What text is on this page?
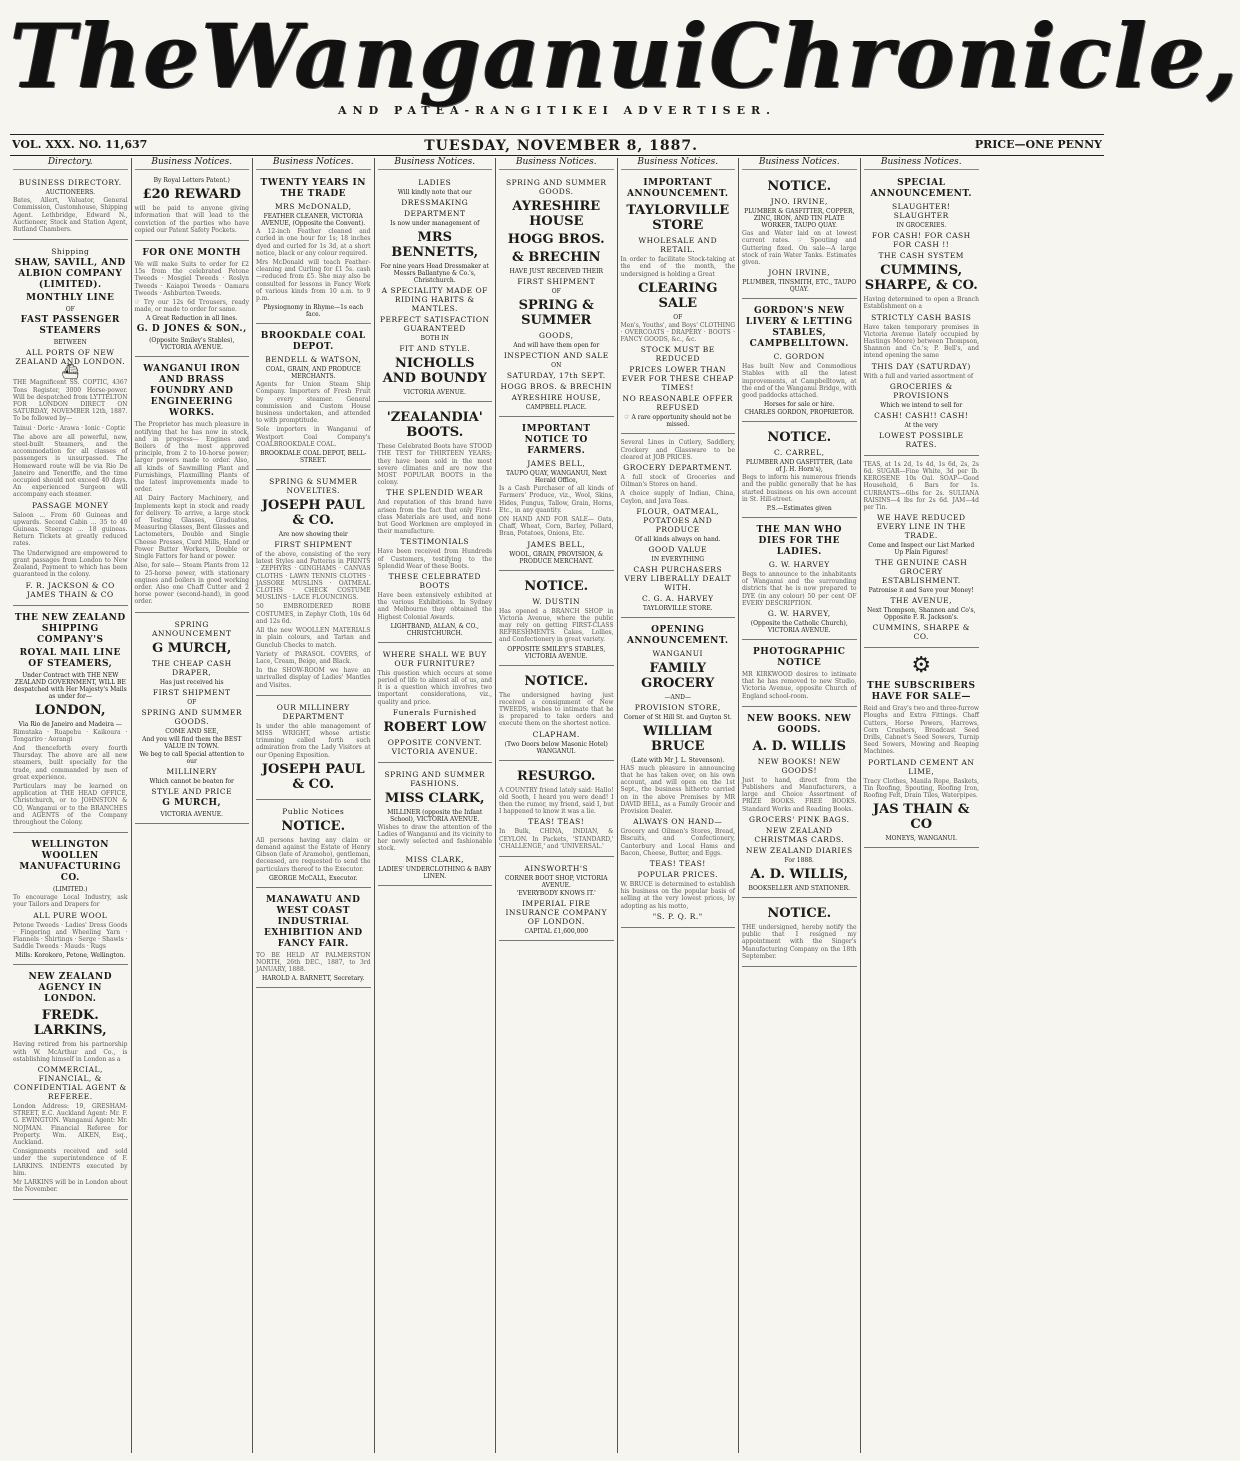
The Wanganui Chronicle,
AND PATEA-RANGITIKEI ADVERTISER.
VOL. XXX. NO. 11,637	TUESDAY, NOVEMBER 8, 1887.	PRICE—ONE PENNY
Directory.
BUSINESS DIRECTORY.
AUCTIONEERS.

Bates, Allert, Valuator, General Commission, Customhouse, Shipping Agent. Lethbridge, Edward N., Auctioneer, Stock and Station Agent, Rutland Chambers.

Shipping
SHAW, SAVILL, AND ALBION COMPANY (LIMITED).
MONTHLY LINE
OF
FAST PASSENGER STEAMERS
BETWEEN
ALL PORTS OF NEW ZEALAND AND LONDON.
⛴

THE Magnificent SS. COPTIC, 4367 Tons Register, 3000 Horse-power. Will be despatched from LYTTELTON FOR LONDON DIRECT ON SATURDAY, NOVEMBER 12th, 1887. To be followed by—

Tainui · Doric · Arawa · Ionic · Coptic

The above are all powerful, new, steel-built Steamers, and the accommodation for all classes of passengers is unsurpassed. The Homeward route will be via Rio De Janeiro and Teneriffe, and the time occupied should not exceed 40 days. An experienced Surgeon will accompany each steamer.

PASSAGE MONEY

Saloon ... From 60 Guineas and upwards. Second Cabin ... 35 to 40 Guineas. Steerage ... 18 guineas. Return Tickets at greatly reduced rates.

The Underwigned are empowered to grant passages from London to New Zealand, Payment to which has been guaranteed in the colony.

F. R. JACKSON & CO JAMES THAIN & CO
THE NEW ZEALAND SHIPPING COMPANY'S
ROYAL MAIL LINE OF STEAMERS,
Under Contract with THE NEW ZEALAND GOVERNMENT, WILL BE despatched with Her Majesty's Mails as under for—
LONDON,
Via Rio de Janeiro and Madeira —

Rimutaka · Ruapehu · Kaikoura · Tongariro · Aorangi

And thenceforth every fourth Thursday. The above are all new steamers, built specially for the trade, and commanded by men of great experience.

Particulars may be learned on application at THE HEAD OFFICE, Christchurch, or to JOHNSTON & CO, Wanganui or to the BRANCHES and AGENTS of the Company throughout the Colony.

WELLINGTON WOOLLEN MANUFACTURING CO.
(LIMITED.)

To encourage Local Industry, ask your Tailors and Drapers for

ALL PURE WOOL

Petone Tweeds · Ladies' Dress Goods · Fingering and Wheeling Yarn · Flannels · Shirtings · Serge · Shawls · Saddle Tweeds · Mauds · Rugs

Mills: Korokoro, Petone, Wellington.
NEW ZEALAND AGENCY IN LONDON.
FREDK. LARKINS,

Having retired from his partnership with W. McArthur and Co., is establishing himself in London as a

COMMERCIAL, FINANCIAL, & CONFIDENTIAL AGENT & REFEREE.

London Address: 19, GRESHAM-STREET, E.C. Auckland Agent: Mr. F. G. EWINGTON. Wanganui Agent: Mr. NOJMAN. Financial Referee for Property. Wm. AIKEN, Esq., Auckland.

Consignments received and sold under the superintendence of F. LARKINS. INDENTS executed by him.

Mr LARKINS will be in London about the November.

Business Notices.
By Royal Letters Patent.)
£20 REWARD

will be paid to anyone giving information that will lead to the conviction of the parties who have copied our Patent Safety Pockets.

FOR ONE MONTH

We will make Suits to order for £2 15s from the celebrated Petone Tweeds · Mosgiel Tweeds · Roslyn Tweeds · Kaiapoi Tweeds · Oamaru Tweeds · Ashburton Tweeds.

☞ Try our 12s 6d Trousers, ready made, or made to order for same.

A Great Reduction in all lines.
G. D JONES & SON.,
(Opposite Smiley's Stables), VICTORIA AVENUE.
WANGANUI IRON AND BRASS FOUNDRY AND ENGINEERING WORKS.

The Proprietor has much pleasure in notifying that he has now in stock, and in progress— Engines and Boilers of the most approved principle, from 2 to 10-horse power; larger powers made to order. Also, all kinds of Sawmilling Plant and Furnishings, Flaxmilling Plants of the latest improvements made to order.

All Dairy Factory Machinery, and Implements kept in stock and ready for delivery. To arrive, a large stock of Testing Glasses, Graduates, Measuring Glasses, Bent Glasses and Lactometers, Double and Single Cheese Presses, Curd Mills, Hand or Power Butter Workers, Double or Single Fattors for hand or power.

Also, for sale— Steam Plants from 12 to 25-horse power, with stationary engines and boilers in good working order. Also one Chaff Cutter and 2 horse power (second-hand), in good order.

SPRING ANNOUNCEMENT
G MURCH,
THE CHEAP CASH DRAPER,
Has just received his
FIRST SHIPMENT
OF
SPRING AND SUMMER GOODS.
COME AND SEE,
And you will find them the BEST VALUE IN TOWN.
We beg to call Special attention to our
MILLINERY
Which cannot be beaten for
STYLE AND PRICE
G MURCH,
VICTORIA AVENUE.
Business Notices.
TWENTY YEARS IN THE TRADE
MRS McDONALD,
FEATHER CLEANER, VICTORIA AVENUE, (Opposite the Convent).

A 12-inch Feather cleaned and curled in one hour for 1s; 18 inches dyed and curled for 1s 3d, at a short notice, black or any colour required.

Mrs McDonald will teach Feather-cleaning and Curling for £1 5s. cash—reduced from £5. She may also be consulted for lessons in Fancy Work of various kinds from 10 a.m. to 9 p.m.

Physiognomy in Rhyme—1s each face.
BROOKDALE COAL DEPOT.
BENDELL & WATSON,
COAL, GRAIN, AND PRODUCE MERCHANTS.

Agents for Union Steam Ship Company. Importers of Fresh Fruit by every steamer. General commission and Custom House business undertaken, and attended to with promptitude.

Sole importers in Wanganui of Westport Coal Company's COALBROOKDALE COAL.

BROOKDALE COAL DEPOT, BELL-STREET.
SPRING & SUMMER NOVELTIES.
JOSEPH PAUL & CO.
Are now showing their
FIRST SHIPMENT

of the above, consisting of the very latest Styles and Patterns in PRINTS · ZEPHYRS · GINGHAMS · CANVAS CLOTHS · LAWN TENNIS CLOTHS · JASSORE MUSLINS · OATMEAL CLOTHS · CHECK COSTUME MUSLINS · LACE FLOUNCINGS.

50 EMBROIDERED ROBE COSTUMES, in Zephyr Cloth, 10s 6d and 12s 6d.

All the new WOOLLEN MATERIALS in plain colours, and Tartan and Gunclub Checks to match.

Variety of PARASOL COVERS, of Lace, Cream, Beige, and Black.

In the SHOW-ROOM we have an unrivalled display of Ladies' Mantles and Visites.

OUR MILLINERY DEPARTMENT

Is under the able management of MISS WRIGHT, whose artistic trimming called forth such admiration from the Lady Visitors at our Opening Exposition.

JOSEPH PAUL & CO.
Public Notices
NOTICE.

All persons having any claim or demand against the Estate of Henry Gibson (late of Aramoho), gentleman, deceased, are requested to send the particulars thereof to the Executor.

GEORGE McCALL, Executor.
MANAWATU AND WEST COAST INDUSTRIAL EXHIBITION AND FANCY FAIR.

TO BE HELD AT PALMERSTON NORTH, 26th DEC., 1887, to 3rd JANUARY, 1888.

HAROLD A. BARNETT, Secretary.
Business Notices.
LADIES
Will kindly note that our
DRESSMAKING
DEPARTMENT
Is now under management of
MRS BENNETTS,
For nine years Head Dressmaker at Messrs Ballantyne & Co.'s, Christchurch.
A SPECIALITY MADE OF RIDING HABITS & MANTLES.
PERFECT SATISFACTION GUARANTEED
BOTH IN
FIT AND STYLE.
NICHOLLS AND BOUNDY
VICTORIA AVENUE.
'ZEALANDIA' BOOTS.

These Celebrated Boots have STOOD THE TEST for THIRTEEN YEARS; they have been sold in the most severe climates and are now the MOST POPULAR BOOTS in the colony.

THE SPLENDID WEAR

And reputation of this brand have arisen from the fact that only First-class Materials are used, and none but Good Workmen are employed in their manufacture.

TESTIMONIALS

Have been received from Hundreds of Customers, testifying to the Splendid Wear of these Boots.

THESE CELEBRATED BOOTS

Have been extensively exhibited at the various Exhibitions. In Sydney and Melbourne they obtained the Highest Colonial Awards.

LIGHTBAND, ALLAN, & CO., CHRISTCHURCH.
WHERE SHALL WE BUY OUR FURNITURE?

This question which occurs at some period of life to almost all of us, and it is a question which involves two important considerations, viz., quality and price.

Funerals Furnished
ROBERT LOW
OPPOSITE CONVENT. VICTORIA AVENUE.
SPRING AND SUMMER FASHIONS.
MISS CLARK,
MILLINER (opposite the Infant School), VICTORIA AVENUE.

Wishes to draw the attention of the Ladies of Wanganui and its vicinity to her newly selected and fashionable stock.

MISS CLARK,
LADIES' UNDERCLOTHING & BABY LINEN.
Business Notices.
SPRING AND SUMMER GOODS.
AYRESHIRE HOUSE
HOGG BROS.
& BRECHIN
HAVE JUST RECEIVED THEIR
FIRST SHIPMENT
OF
SPRING & SUMMER
GOODS,
And will have them open for
INSPECTION AND SALE
ON
SATURDAY, 17th SEPT.
HOGG BROS. & BRECHIN
AYRESHIRE HOUSE,
CAMPBELL PLACE.
IMPORTANT NOTICE TO FARMERS.
JAMES BELL,
TAUPO QUAY, WANGANUI, Next Herald Office,

Is a Cash Purchaser of all kinds of Farmers' Produce, viz., Wool, Skins, Hides, Fungus, Tallow, Grain, Horns, Etc., in any quantity.

ON HAND AND FOR SALE— Oats, Chaff, Wheat, Corn, Barley, Pollard, Bran, Potatoes, Onions, Etc.

JAMES BELL,
WOOL, GRAIN, PROVISION, & PRODUCE MERCHANT.
NOTICE.
W. DUSTIN

Has opened a BRANCH SHOP in Victoria Avenue, where the public may rely on getting FIRST-CLASS REFRESHMENTS. Cakes, Lollies, and Confectionery in great variety.

OPPOSITE SMILEY'S STABLES, VICTORIA AVENUE.
NOTICE.

The undersigned having just received a consignment of New TWEEDS, wishes to intimate that he is prepared to take orders and execute them on the shortest notice.

CLAPHAM.
(Two Doors below Masonic Hotel) WANGANUI.
RESURGO.

A COUNTRY friend lately said: Hallo! old Sooth, I heard you were dead! I then the rumor, my friend, said I, but I happened to know it was a lie.

TEAS! TEAS!

In Bulk, CHINA, INDIAN, & CEYLON. In Packets, 'STANDARD,' 'CHALLENGE,' and 'UNIVERSAL.'

AINSWORTH'S
CORNER BOOT SHOP, VICTORIA AVENUE.
'EVERYBODY KNOWS IT.'
IMPERIAL FIRE INSURANCE COMPANY OF LONDON.
CAPITAL £1,600,000
Business Notices.
IMPORTANT ANNOUNCEMENT.
TAYLORVILLE STORE
WHOLESALE AND RETAIL.

In order to facilitate Stock-taking at the end of the month, the undersigned is holding a Great

CLEARING SALE
OF

Men's, Youths', and Boys' CLOTHING · OVERCOATS · DRAPERY · BOOTS · FANCY GOODS, &c., &c.

STOCK MUST BE REDUCED
PRICES LOWER THAN EVER FOR THESE CHEAP TIMES!
NO REASONABLE OFFER REFUSED
☞ A rare opportunity should not be missed.

Several Lines in Cutlery, Saddlery, Crockery and Glassware to be cleared at JOB PRICES.

GROCERY DEPARTMENT.

A full stock of Groceries and Oilman's Stores on hand.

A choice supply of Indian, China, Ceylon, and Java Teas.

FLOUR, OATMEAL, POTATOES AND PRODUCE
Of all kinds always on hand.
GOOD VALUE
IN EVERYTHING
CASH PURCHASERS VERY LIBERALLY DEALT WITH.
C. G. A. HARVEY
TAYLORVILLE STORE.
OPENING ANNOUNCEMENT.
WANGANUI
FAMILY GROCERY
—AND—
PROVISION STORE,
Corner of St Hill St. and Guyton St.
WILLIAM BRUCE
(Late with Mr J. L. Stevenson).

HAS much pleasure in announcing that he has taken over, on his own account, and will open on the 1st Sept., the business hitherto carried on in the above Premises by MR DAVID BELL, as a Family Grocer and Provision Dealer.

ALWAYS ON HAND—

Grocery and Oilmen's Stores, Bread, Biscuits, and Confectionery, Canterbury and Local Hams and Bacon, Cheese, Butter, and Eggs.

TEAS! TEAS!
POPULAR PRICES.

W. BRUCE is determined to establish his business on the popular basis of selling at the very lowest prices, by adopting as his motto,

"S. P. Q. R."
Business Notices.
NOTICE.
JNO. IRVINE,
PLUMBER & GASFITTER, COPPER, ZINC, IRON, AND TIN PLATE WORKER, TAUPO QUAY.

Gas and Water laid on at lowest current rates. ☞ Spouting and Guttering fixed. On sale—A large stock of rain Water Tanks. Estimates given.

JOHN IRVINE,
PLUMBER, TINSMITH, ETC., TAUPO QUAY.
GORDON'S NEW LIVERY & LETTING STABLES, CAMPBELLTOWN.
C. GORDON

Has built New and Commodious Stables with all the latest improvements, at Campbelltown, at the end of the Wanganui Bridge, with good paddocks attached.

Horses for sale or hire.
CHARLES GORDON, PROPRIETOR.
NOTICE.
C. CARREL,
PLUMBER AND GASFITTER, (Late of J. H. Horn's),

Begs to inform his numerous friends and the public generally that he has started business on his own account in St. Hill-street.

P.S.—Estimates given
THE MAN WHO DIES FOR THE LADIES.
G. W. HARVEY

Begs to announce to the inhabitants of Wanganui and the surrounding districts that he is now prepared to DYE (in any colour) 50 per cent OF EVERY DESCRIPTION.

G. W. HARVEY,
(Opposite the Catholic Church), VICTORIA AVENUE.
PHOTOGRAPHIC NOTICE

MR KIRKWOOD desires to intimate that he has removed to new Studio, Victoria Avenue, opposite Church of England school-room.

NEW BOOKS. NEW GOODS.
A. D. WILLIS
NEW BOOKS! NEW GOODS!

Just to hand, direct from the Publishers and Manufacturers, a large and Choice Assortment of PRIZE BOOKS. FREE BOOKS. Standard Works and Reading Books.

GROCERS' PINK BAGS.
NEW ZEALAND CHRISTMAS CARDS.
NEW ZEALAND DIARIES
For 1888.
A. D. WILLIS,
BOOKSELLER AND STATIONER.
NOTICE.

THE undersigned, hereby notify the public that I resigned my appointment with the Singer's Manufacturing Company on the 18th September.

Business Notices.
SPECIAL ANNOUNCEMENT.
SLAUGHTER! SLAUGHTER
IN GROCERIES.
FOR CASH! FOR CASH FOR CASH !!
THE CASH SYSTEM
CUMMINS, SHARPE, & CO.

Having determined to open a Branch Establishment on a

STRICTLY CASH BASIS

Have taken temporary premises in Victoria Avenue (lately occupied by Hastings Moore) between Thompson, Shannon and Co.'s; P. Bell's, and intend opening the same

THIS DAY (SATURDAY)

With a full and varied assortment of

GROCERIES & PROVISIONS
Which we intend to sell for
CASH! CASH!! CASH!
At the very
LOWEST POSSIBLE RATES.

TEAS, at 1s 2d, 1s 4d, 1s 6d, 2s, 2s 6d. SUGAR—Fine White, 3d per lb. KEROSENE 10s Oal. SOAP—Good Household, 6 Bars for 1s. CURRANTS—6lbs for 2s. SULTANA RAISINS—4 lbs for 2s 6d. JAM—4d per Tin.

WE HAVE REDUCED EVERY LINE IN THE TRADE.
Come and Inspect our List Marked Up Plain Figures!
THE GENUINE CASH GROCERY ESTABLISHMENT.
Patronise it and Save your Money!
THE AVENUE,
Next Thompson, Shannon and Co's, Opposite F. R. Jackson's.
CUMMINS, SHARPE & CO.
⚙
THE SUBSCRIBERS HAVE FOR SALE—

Reid and Gray's two and three-furrow Ploughs and Extra Fittings. Chaff Cutters, Horse Powers, Harrows, Corn Crushers, Broadcast Seed Drills, Cabnet's Seed Sowers, Turnip Seed Sowers, Mowing and Reaping Machines.

PORTLAND CEMENT AN LIME,

Tracy Clothes, Manila Rope, Baskets, Tin Roofing, Spouting, Roofing Iron, Roofing Felt, Drain Tiles, Waterpipes.

JAS THAIN & CO
MONEYS, WANGANUI.
